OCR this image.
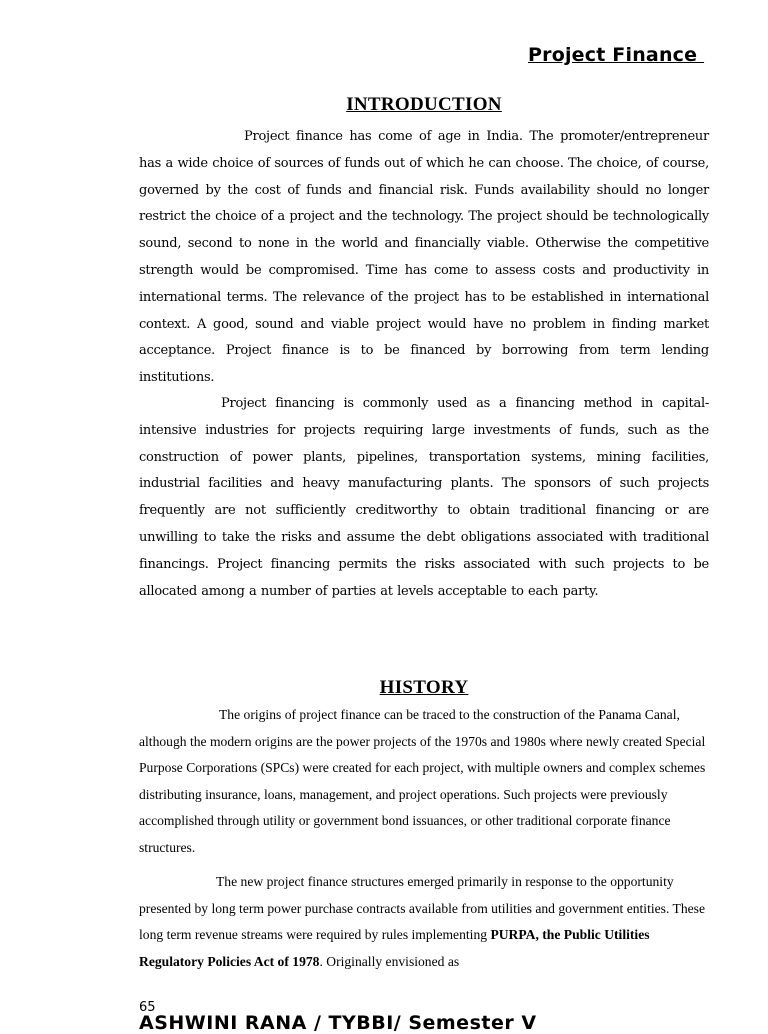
Project Finance
INTRODUCTION

Project finance has come of age in India. The promoter/entrepreneur has a wide choice of sources of funds out of which he can choose. The choice, of course, governed by the cost of funds and financial risk. Funds availability should no longer restrict the choice of a project and the technology. The project should be technologically sound, second to none in the world and financially viable. Otherwise the competitive strength would be compromised. Time has come to assess costs and productivity in international terms. The relevance of the project has to be established in international context. A good, sound and viable project would have no problem in finding market acceptance. Project finance is to be financed by borrowing from term lending institutions.

Project financing is commonly used as a financing method in capital-intensive industries for projects requiring large investments of funds, such as the construction of power plants, pipelines, transportation systems, mining facilities, industrial facilities and heavy manufacturing plants. The sponsors of such projects frequently are not sufficiently creditworthy to obtain traditional financing or are unwilling to take the risks and assume the debt obligations associated with traditional financings. Project financing permits the risks associated with such projects to be allocated among a number of parties at levels acceptable to each party.

HISTORY

The origins of project finance can be traced to the construction of the Panama Canal, although the modern origins are the power projects of the 1970s and 1980s where newly created Special Purpose Corporations (SPCs) were created for each project, with multiple owners and complex schemes distributing insurance, loans, management, and project operations. Such projects were previously accomplished through utility or government bond issuances, or other traditional corporate finance structures.

The new project finance structures emerged primarily in response to the opportunity presented by long term power purchase contracts available from utilities and government entities. These long term revenue streams were required by rules implementing PURPA, the Public Utilities Regulatory Policies Act of 1978. Originally envisioned as

65
ASHWINI RANA / TYBBI/ Semester V
